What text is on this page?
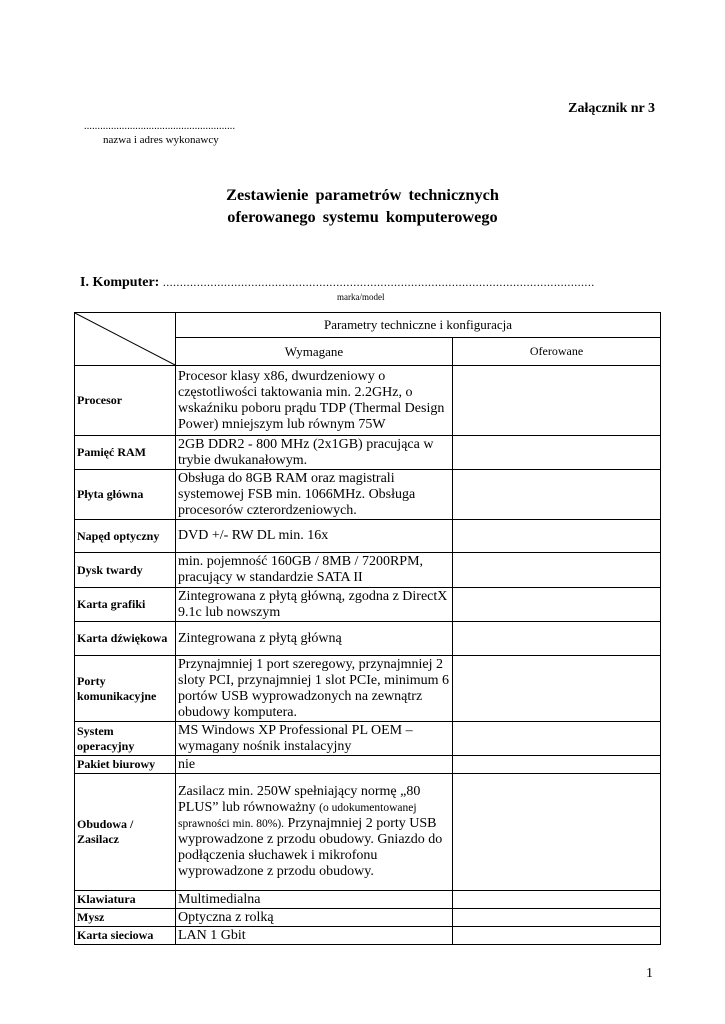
Załącznik nr 3
........................................................
nazwa i adres wykonawcy
Zestawienie parametrów technicznych
oferowanego systemu komputerowego
I. Komputer: ...............................................................................................................................
marka/model
	Parametry techniczne i konfiguracja	
	Wymagane	Oferowane
Procesor	Procesor klasy x86, dwurdzeniowy o częstotliwości taktowania min. 2.2GHz, o wskaźniku poboru prądu TDP (Thermal Design Power) mniejszym lub równym 75W	
Pamięć RAM	2GB DDR2 - 800 MHz (2x1GB) pracująca w trybie dwukanałowym.	
Płyta główna	Obsługa do 8GB RAM oraz magistrali systemowej FSB min. 1066MHz. Obsługa procesorów czterordzeniowych.	
Napęd optyczny	DVD +/- RW DL min. 16x	
Dysk twardy	min. pojemność 160GB / 8MB / 7200RPM, pracujący w standardzie SATA II	
Karta grafiki	Zintegrowana z płytą główną, zgodna z DirectX 9.1c lub nowszym	
Karta dźwiękowa	Zintegrowana z płytą główną	
Porty komunikacyjne	Przynajmniej 1 port szeregowy, przynajmniej 2 sloty PCI, przynajmniej 1 slot PCIe, minimum 6 portów USB wyprowadzonych na zewnątrz obudowy komputera.	
System operacyjny	MS Windows XP Professional PL OEM – wymagany nośnik instalacyjny	
Pakiet biurowy	nie	
Obudowa / Zasilacz	Zasilacz min. 250W spełniający normę „80 PLUS” lub równoważny (o udokumentowanej sprawności min. 80%). Przynajmniej 2 porty USB wyprowadzone z przodu obudowy. Gniazdo do podłączenia słuchawek i mikrofonu wyprowadzone z przodu obudowy.	
Klawiatura	Multimedialna	
Mysz	Optyczna z rolką	
Karta sieciowa	LAN 1 Gbit	
1
